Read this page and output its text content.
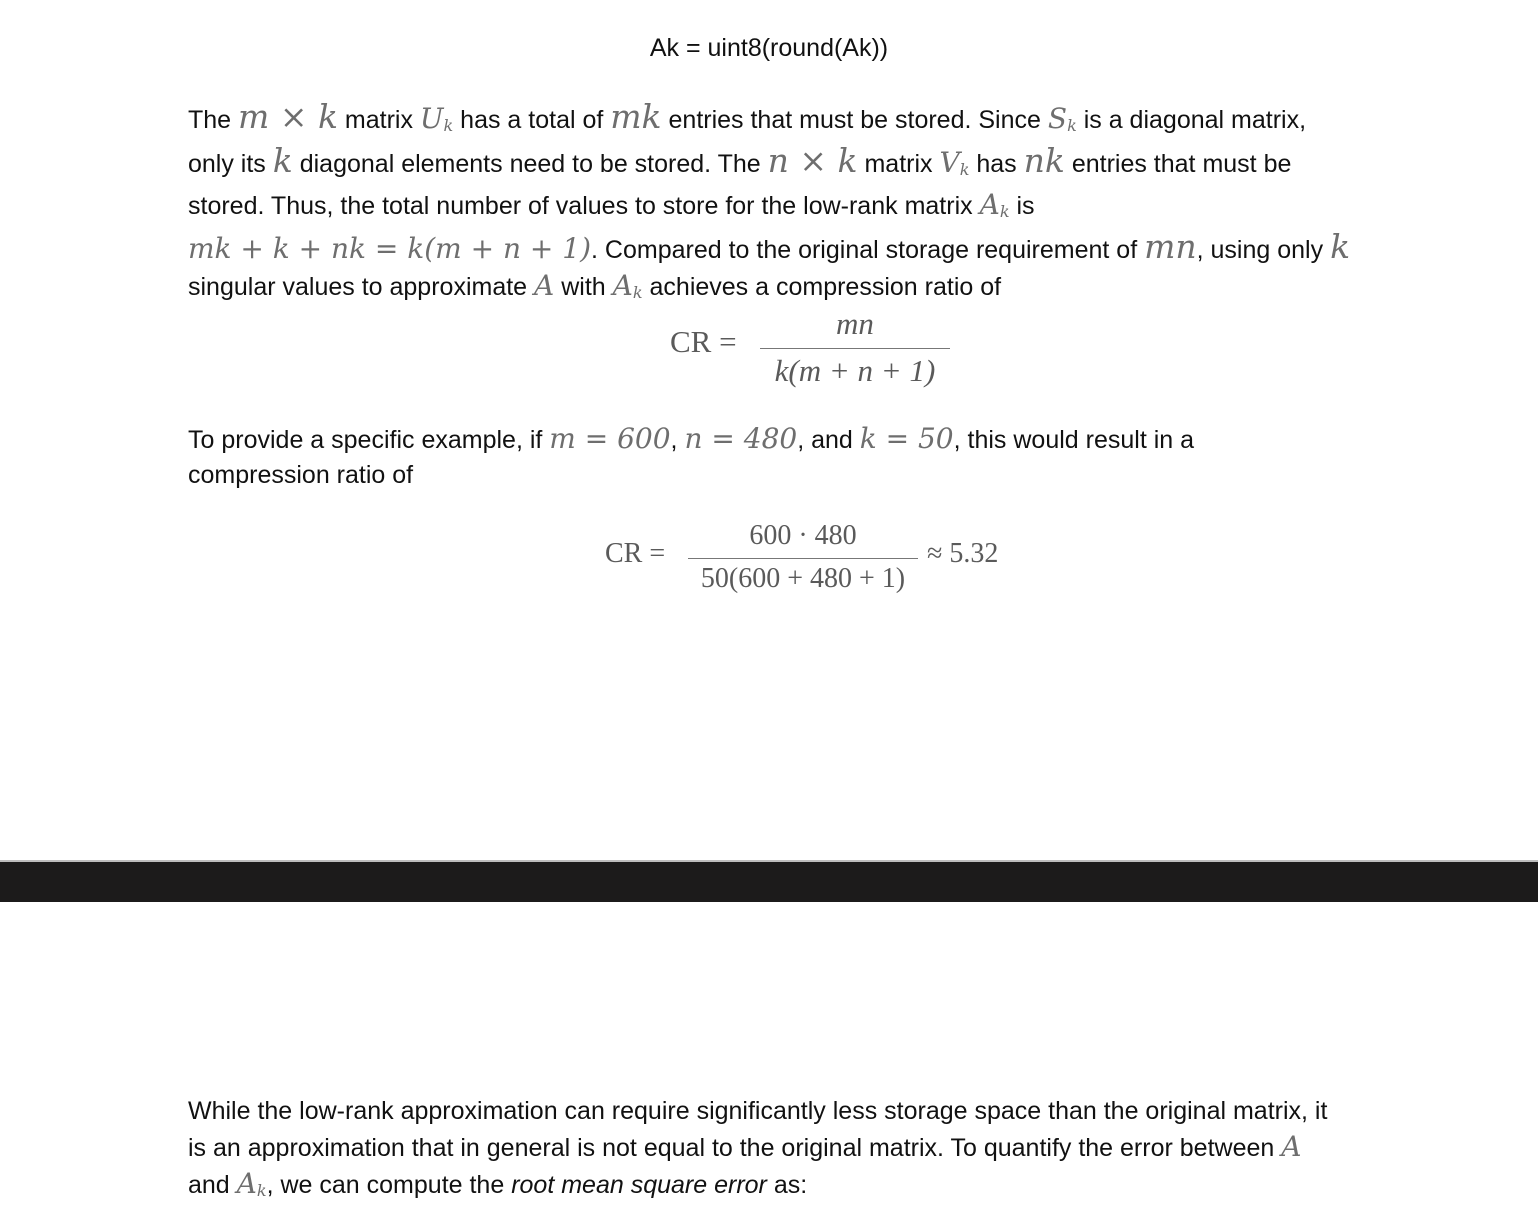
Ak = uint8(round(Ak))

The m × k matrix $U_k$ has a total of mk entries that must be stored. Since $S_k$ is a diagonal matrix,
only its k diagonal elements need to be stored. The n × k matrix $V_k$ has nk entries that must be
stored. Thus, the total number of values to store for the low-rank matrix $A_k$ is
mk + k + nk = k(m + n + 1). Compared to the original storage requirement of mn, using only k
singular values to approximate A with $A_k$ achieves a compression ratio of

CR =
mn
k(m + n + 1)

To provide a specific example, if m = 600, n = 480, and k = 50, this would result in a
compression ratio of

CR =
600 · 480
50(600 + 480 + 1)
≈ 5.32

While the low-rank approximation can require significantly less storage space than the original matrix, it
is an approximation that in general is not equal to the original matrix. To quantify the error between A
and $A_k$, we can compute the root mean square error as:
